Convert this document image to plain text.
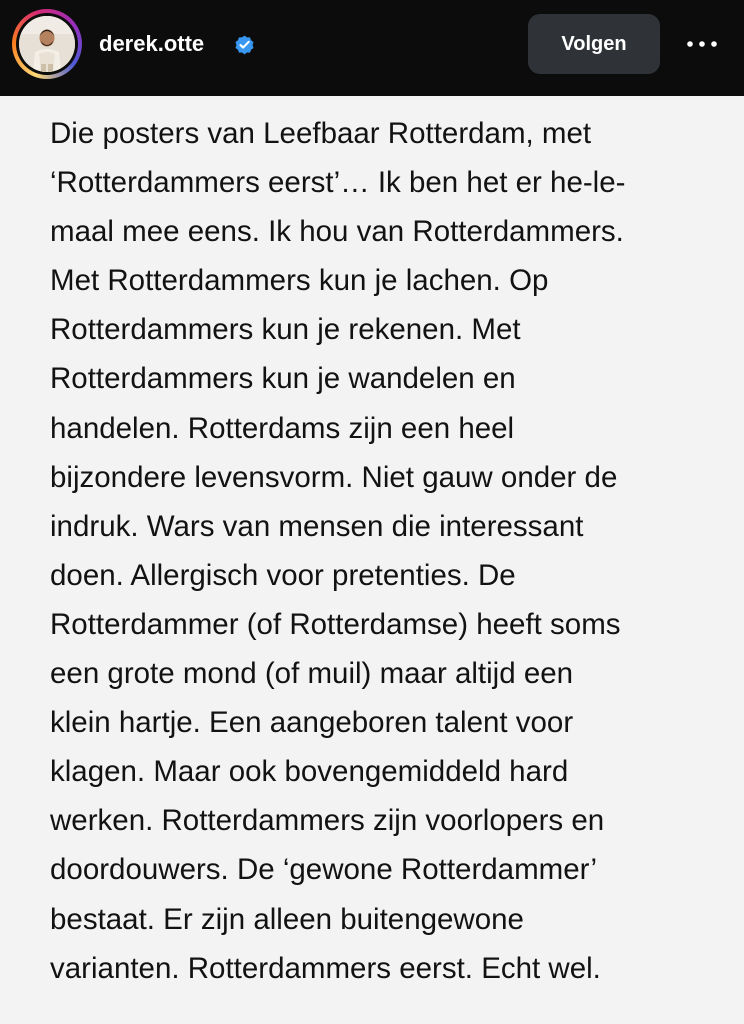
derek.otte	Volgen
Die posters van Leefbaar Rotterdam, met
‘Rotterdammers eerst’… Ik ben het er he-le-
maal mee eens. Ik hou van Rotterdammers.
Met Rotterdammers kun je lachen. Op
Rotterdammers kun je rekenen. Met
Rotterdammers kun je wandelen en
handelen. Rotterdams zijn een heel
bijzondere levensvorm. Niet gauw onder de
indruk. Wars van mensen die interessant
doen. Allergisch voor pretenties. De
Rotterdammer (of Rotterdamse) heeft soms
een grote mond (of muil) maar altijd een
klein hartje. Een aangeboren talent voor
klagen. Maar ook bovengemiddeld hard
werken. Rotterdammers zijn voorlopers en
doordouwers. De ‘gewone Rotterdammer’
bestaat. Er zijn alleen buitengewone
varianten. Rotterdammers eerst. Echt wel.
